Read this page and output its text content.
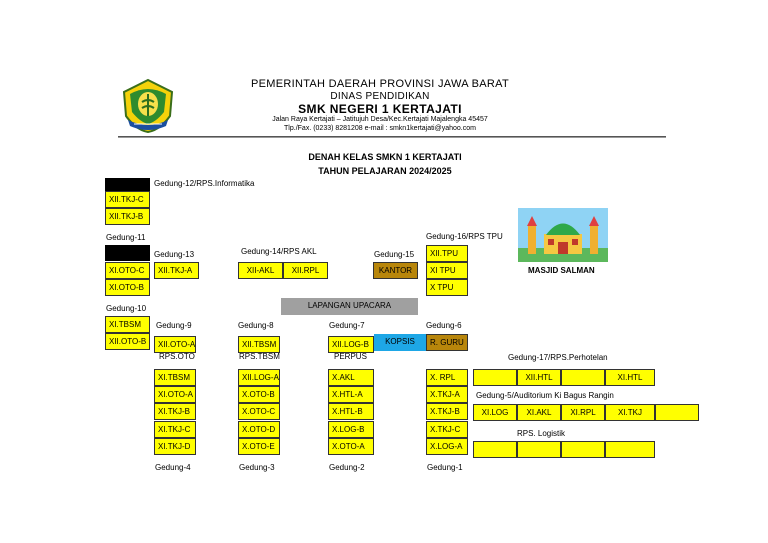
PEMERINTAH DAERAH PROVINSI JAWA BARAT
DINAS PENDIDIKAN
SMK NEGERI 1 KERTAJATI
Jalan Raya Kertajati – Jatitujuh Desa/Kec.Kertajati Majalengka 45457
Tlp./Fax. (0233) 8281208 e-mail : smkn1kertajati@yahoo.com
DENAH KELAS SMKN 1 KERTAJATI
TAHUN PELAJARAN 2024/2025
Gedung-12/RPS.Informatika
XII.TKJ-C
XII.TKJ-B
Gedung-11
XI.OTO-C
XI.OTO-B
Gedung-13
XII.TKJ-A
Gedung-14/RPS AKL
XII-AKL	XII.RPL
Gedung-15
KANTOR
Gedung-16/RPS TPU
XII.TPU
XI TPU
X TPU
MASJID SALMAN
LAPANGAN UPACARA
Gedung-10
XI.TBSM
XII.OTO-B
Gedung-9
XII.OTO-A
RPS.OTO
Gedung-8
XII.TBSM
RPS.TBSM
Gedung-7
XII.LOG-B
PERPUS
KOPSIS
Gedung-6
R. GURU
XI.TBSM
XI.OTO-A
XI.TKJ-B
XI.TKJ-C
XI.TKJ-D
Gedung-4
XII.LOG-A
X.OTO-B
X.OTO-C
X.OTO-D
X.OTO-E
Gedung-3
X.AKL
X.HTL-A
X.HTL-B
X.LOG-B
X.OTO-A
Gedung-2
X. RPL
X.TKJ-A
X.TKJ-B
X.TKJ-C
X.LOG-A
Gedung-1
Gedung-17/RPS.Perhotelan
XII.HTL	XI.HTL
Gedung-5/Auditorium Ki Bagus Rangin
XI.LOG	XI.AKL	XI.RPL	XI.TKJ
RPS. Logistik
